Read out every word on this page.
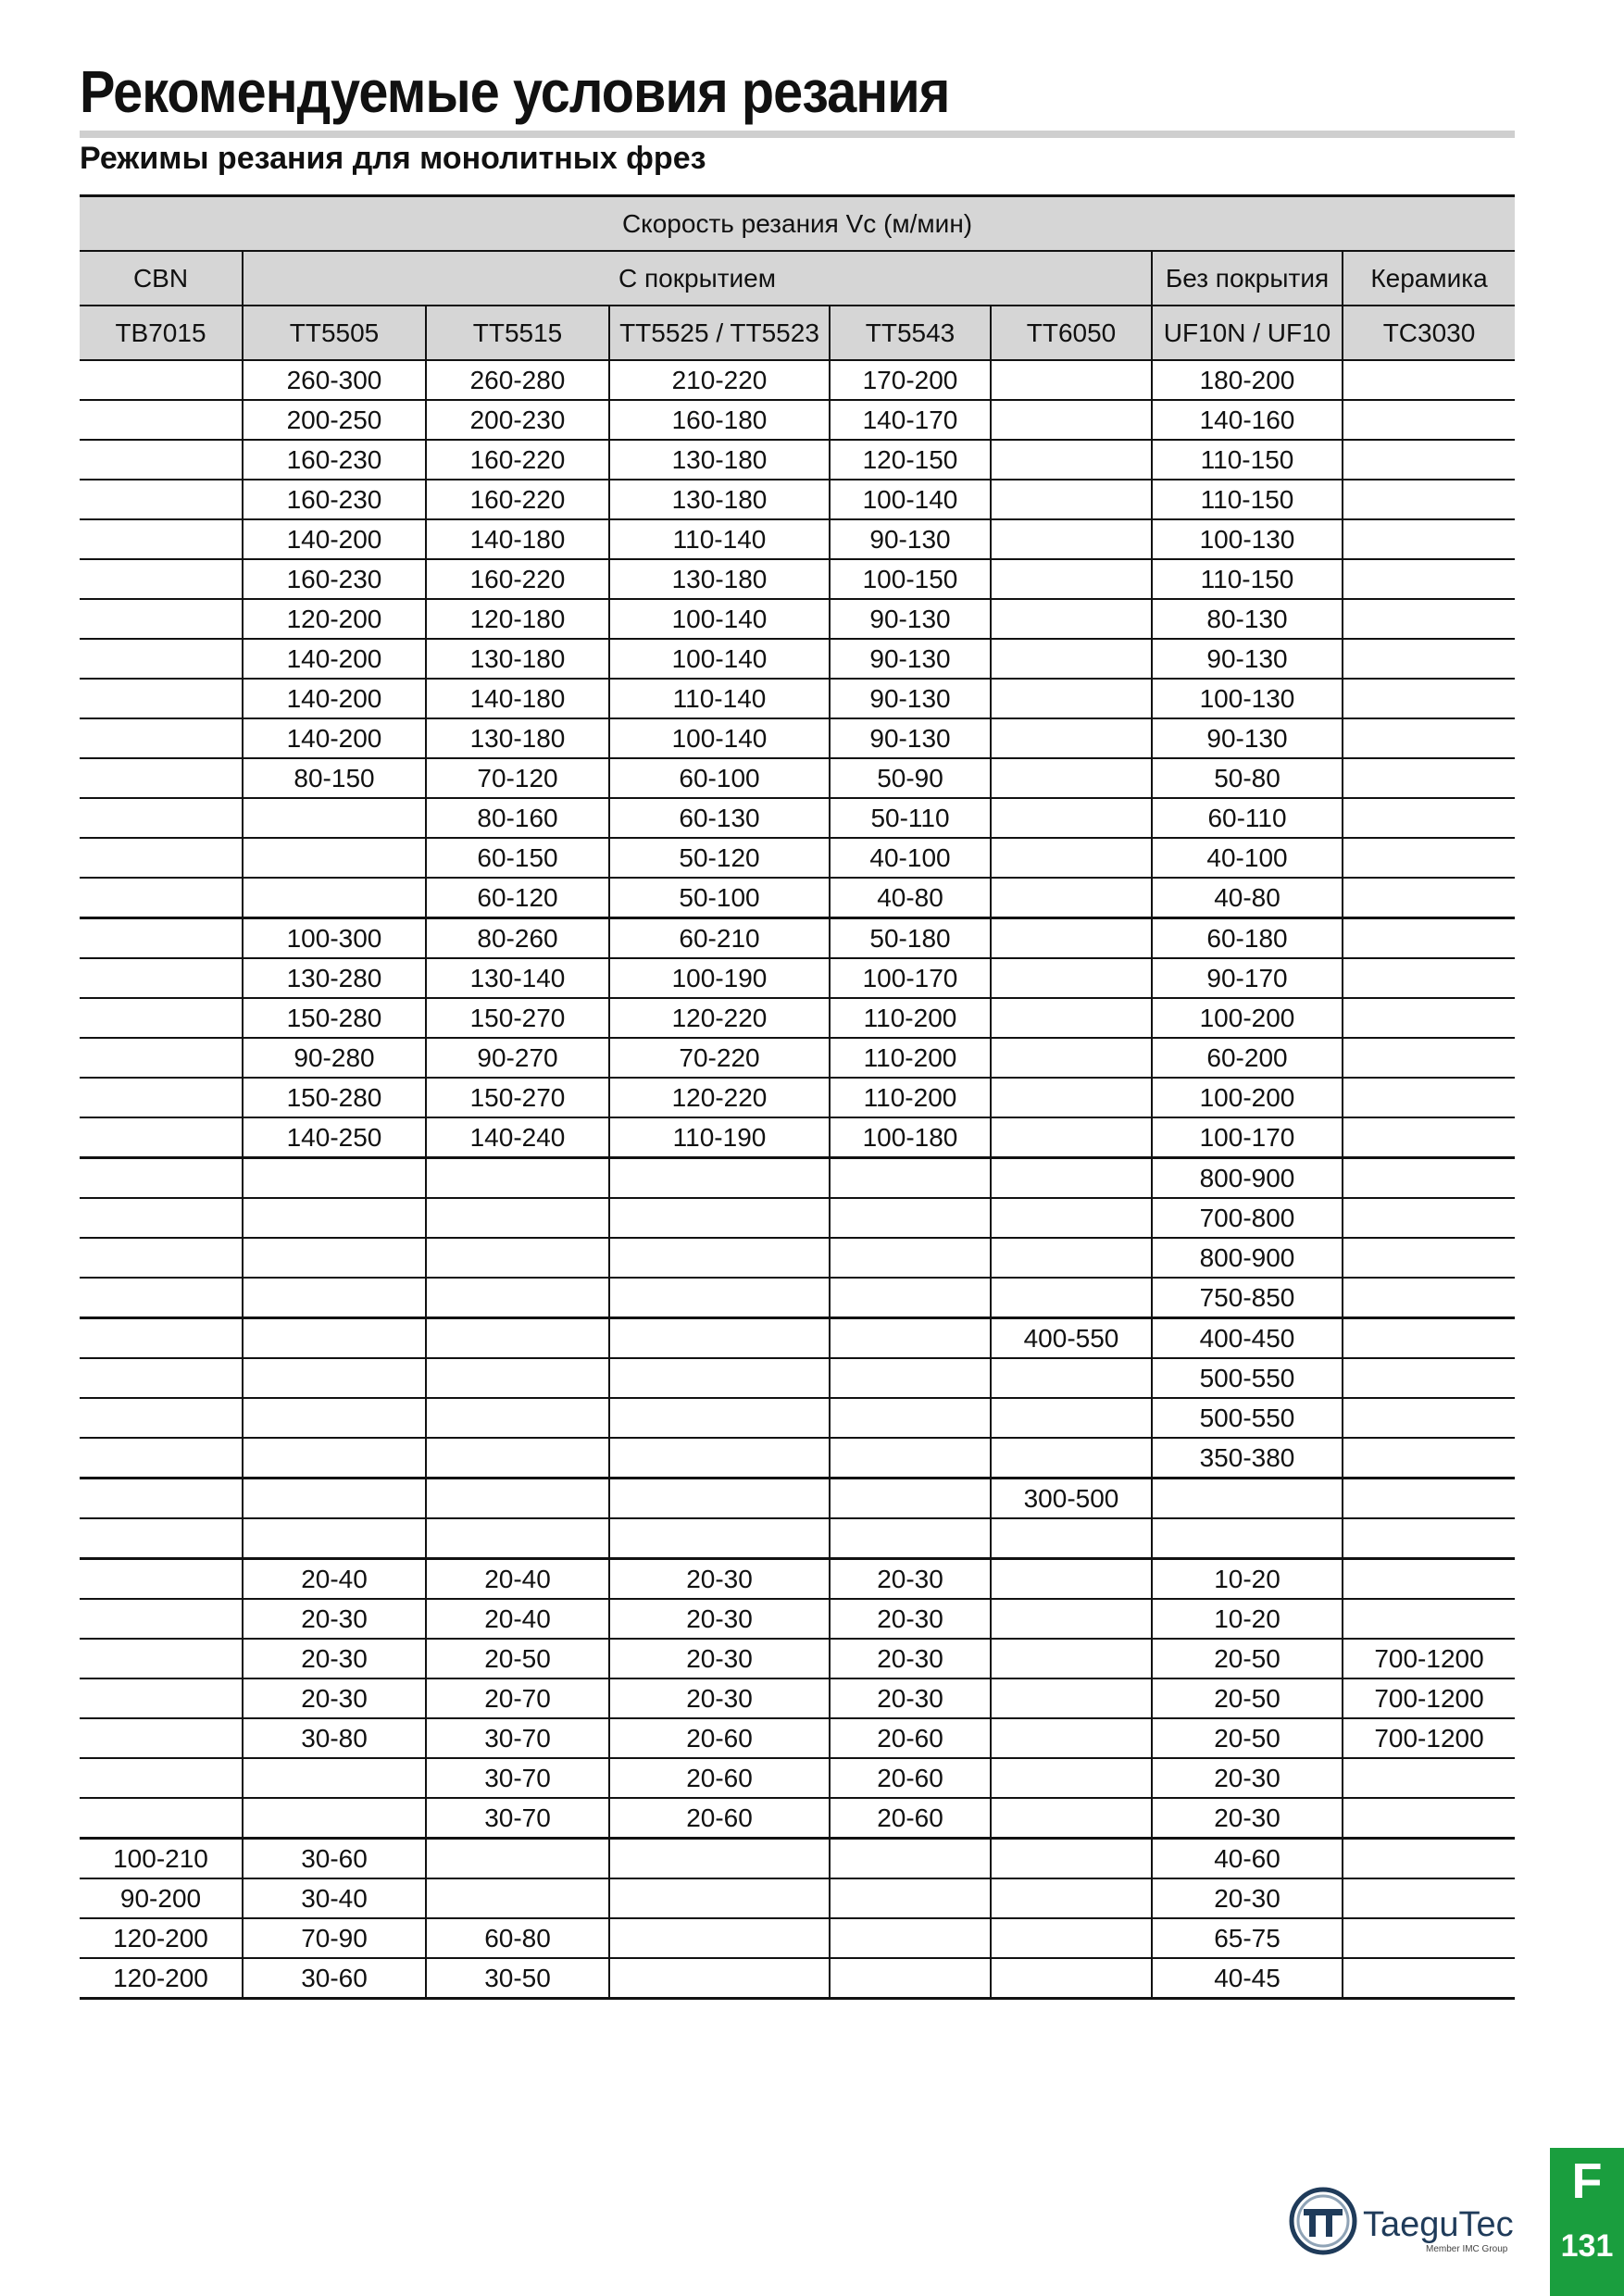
Рекомендуемые условия резания
Режимы резания для монолитных фрез
Скорость резания Vc (м/мин)							
CBN	С покрытием					Без покрытия	Керамика
TB7015	TT5505	TT5515	TT5525 / TT5523	TT5543	TT6050	UF10N / UF10	TC3030
	260-300	260-280	210-220	170-200		180-200	
	200-250	200-230	160-180	140-170		140-160	
	160-230	160-220	130-180	120-150		110-150	
	160-230	160-220	130-180	100-140		110-150	
	140-200	140-180	110-140	90-130		100-130	
	160-230	160-220	130-180	100-150		110-150	
	120-200	120-180	100-140	90-130		80-130	
	140-200	130-180	100-140	90-130		90-130	
	140-200	140-180	110-140	90-130		100-130	
	140-200	130-180	100-140	90-130		90-130	
	80-150	70-120	60-100	50-90		50-80	
		80-160	60-130	50-110		60-110	
		60-150	50-120	40-100		40-100	
		60-120	50-100	40-80		40-80	
	100-300	80-260	60-210	50-180		60-180	
	130-280	130-140	100-190	100-170		90-170	
	150-280	150-270	120-220	110-200		100-200	
	90-280	90-270	70-220	110-200		60-200	
	150-280	150-270	120-220	110-200		100-200	
	140-250	140-240	110-190	100-180		100-170	
						800-900	
						700-800	
						800-900	
						750-850	
					400-550	400-450	
						500-550	
						500-550	
						350-380	
					300-500		

	20-40	20-40	20-30	20-30		10-20	
	20-30	20-40	20-30	20-30		10-20	
	20-30	20-50	20-30	20-30		20-50	700-1200
	20-30	20-70	20-30	20-30		20-50	700-1200
	30-80	30-70	20-60	20-60		20-50	700-1200
		30-70	20-60	20-60		20-30	
		30-70	20-60	20-60		20-30	
100-210	30-60					40-60	
90-200	30-40					20-30	
120-200	70-90	60-80				65-75	
120-200	30-60	30-50				40-45	
TaeguTec
Member IMC Group
F
131
